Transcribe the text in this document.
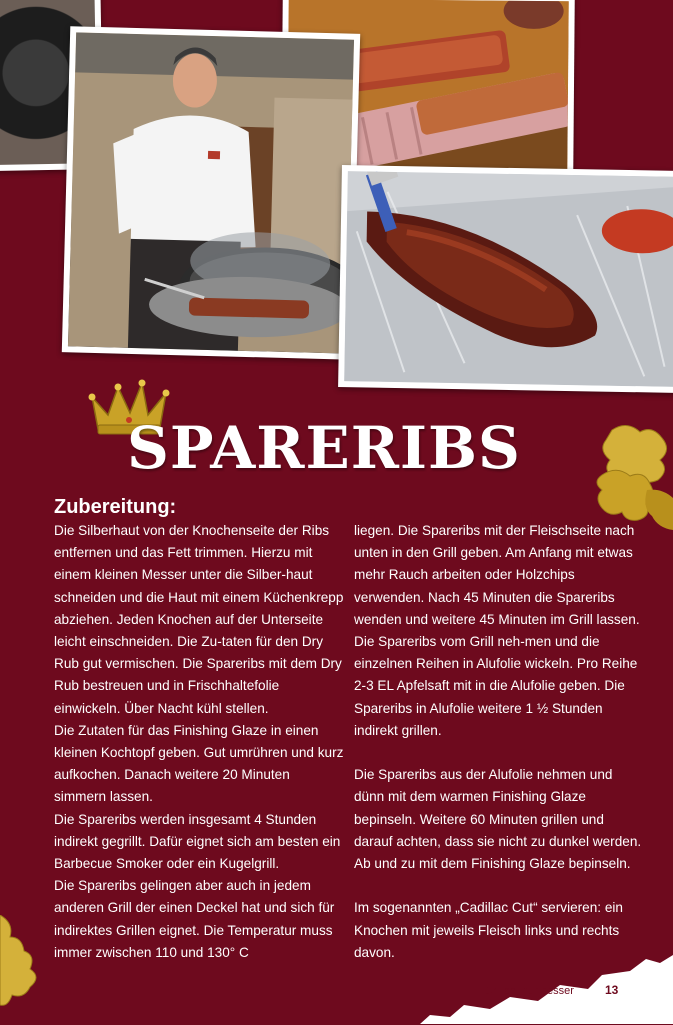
SPARERIBS
Zubereitung:

Die Silberhaut von der Knochenseite der Ribs entfernen und das Fett trimmen. Hierzu mit einem kleinen Messer unter die Silber-haut schneiden und die Haut mit einem Küchenkrepp abziehen. Jeden Knochen auf der Unterseite leicht einschneiden. Die Zu-taten für den Dry Rub gut vermischen. Die Spareribs mit dem Dry Rub bestreuen und in Frischhaltefolie einwickeln. Über Nacht kühl stellen.

Die Zutaten für das Finishing Glaze in einen kleinen Kochtopf geben. Gut umrühren und kurz aufkochen. Danach weitere 20 Minuten simmern lassen.

Die Spareribs werden insgesamt 4 Stunden indirekt gegrillt. Dafür eignet sich am besten ein Barbecue Smoker oder ein Kugelgrill.

Die Spareribs gelingen aber auch in jedem anderen Grill der einen Deckel hat und sich für indirektes Grillen eignet. Die Temperatur muss immer zwischen 110 und 130° C

liegen. Die Spareribs mit der Fleischseite nach unten in den Grill geben. Am Anfang mit etwas mehr Rauch arbeiten oder Holzchips verwenden. Nach 45 Minuten die Spareribs wenden und weitere 45 Minuten im Grill lassen. Die Spareribs vom Grill neh-men und die einzelnen Reihen in Alufolie wickeln. Pro Reihe 2-3 EL Apfelsaft mit in die Alufolie geben. Die Spareribs in Alufolie weitere 1 ½ Stunden indirekt grillen.

Die Spareribs aus der Alufolie nehmen und dünn mit dem warmen Finishing Glaze bepinseln. Weitere 60 Minuten grillen und darauf achten, dass sie nicht zu dunkel werden. Ab und zu mit dem Finishing Glaze bepinseln.

Im sogenannten „Cadillac Cut“ servieren: ein Knochen mit jeweils Fleisch links und rechts davon.

Grillen, nur besser	13
